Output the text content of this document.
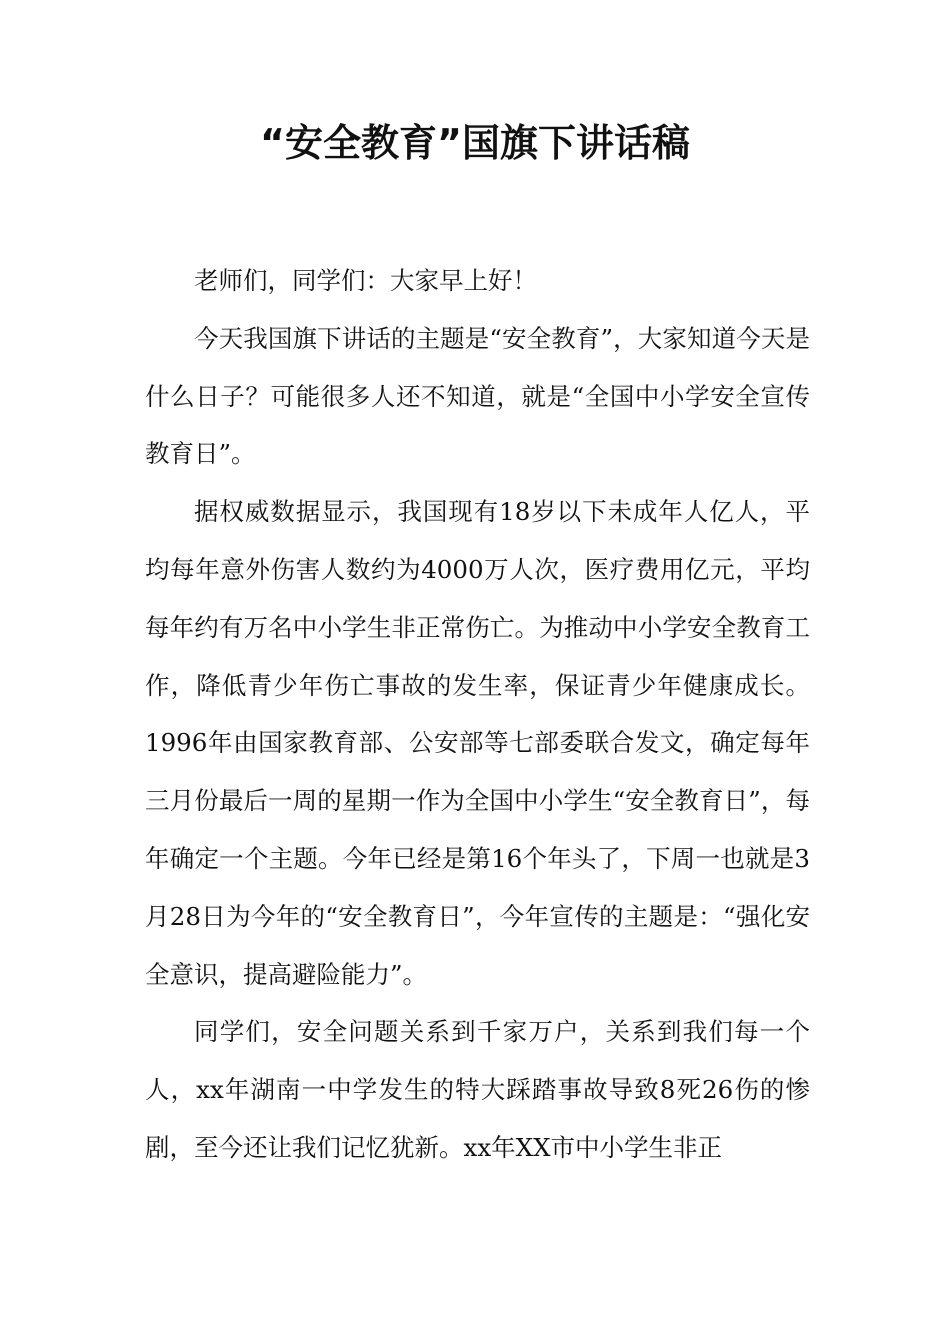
“安全教育”国旗下讲话稿

老师们，同学们：大家早上好！

今天我国旗下讲话的主题是“安全教育”，大家知道今天是什么日子？可能很多人还不知道，就是“全国中小学安全宣传教育日”。

据权威数据显示，我国现有18岁以下未成年人亿人，平均每年意外伤害人数约为4000万人次，医疗费用亿元，平均每年约有万名中小学生非正常伤亡。为推动中小学安全教育工作，降低青少年伤亡事故的发生率，保证青少年健康成长。1996年由国家教育部、公安部等七部委联合发文，确定每年三月份最后一周的星期一作为全国中小学生“安全教育日”，每年确定一个主题。今年已经是第16个年头了，下周一也就是3月28日为今年的“安全教育日”，今年宣传的主题是：“强化安全意识，提高避险能力”。

同学们，安全问题关系到千家万户，关系到我们每一个人，xx年湖南一中学发生的特大踩踏事故导致8死26伤的惨剧，至今还让我们记忆犹新。xx年XX市中小学生非正
